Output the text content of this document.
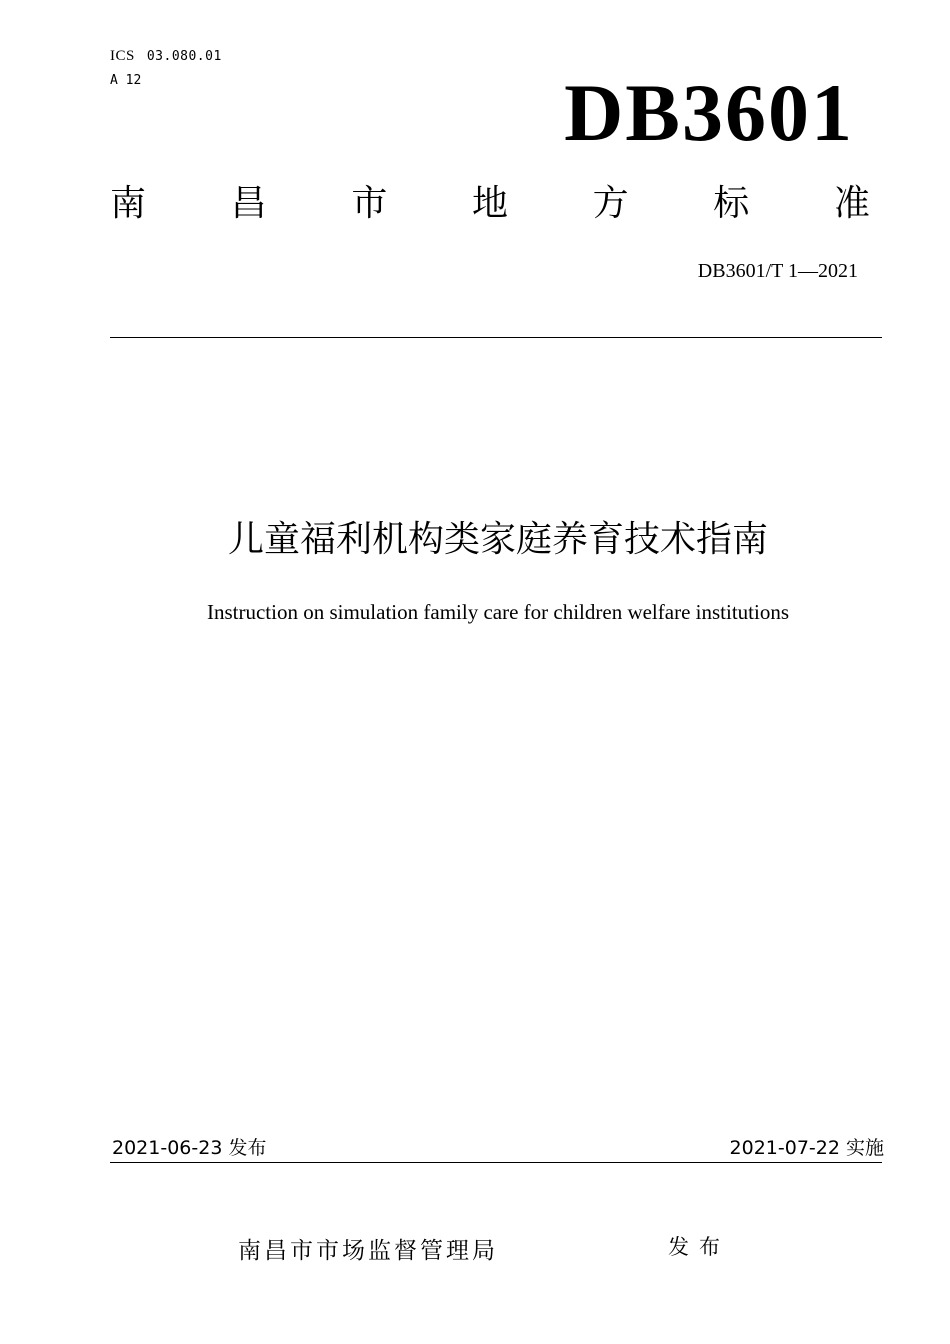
ICS 03.080.01
A 12	DB3601
南 昌 市 地 方 标 准
DB3601/T 1—2021
儿童福利机构类家庭养育技术指南
Instruction on simulation family care for children welfare institutions
2021-06-23 发布	2021-07-22 实施
南昌市市场监督管理局	发布
